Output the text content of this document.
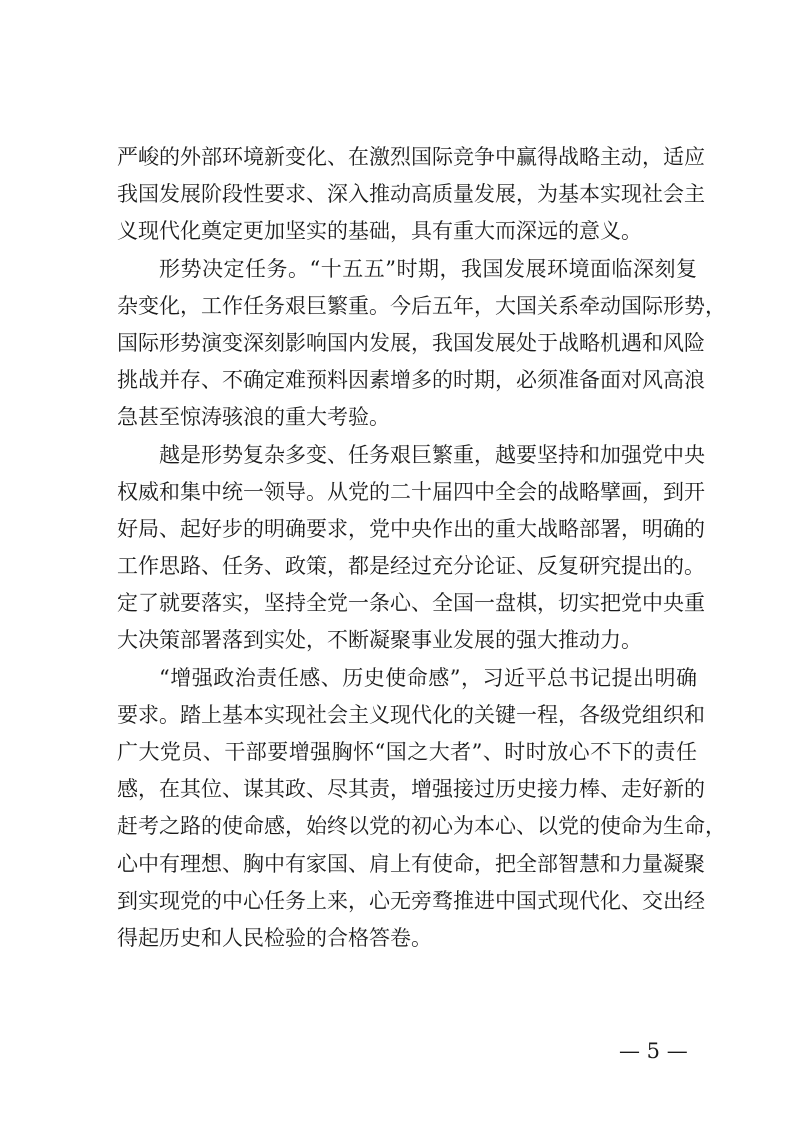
严峻的外部环境新变化、在激烈国际竞争中赢得战略主动，适应
我国发展阶段性要求、深入推动高质量发展，为基本实现社会主
义现代化奠定更加坚实的基础，具有重大而深远的意义。
形势决定任务。“十五五”时期，我国发展环境面临深刻复
杂变化，工作任务艰巨繁重。今后五年，大国关系牵动国际形势，
国际形势演变深刻影响国内发展，我国发展处于战略机遇和风险
挑战并存、不确定难预料因素增多的时期，必须准备面对风高浪
急甚至惊涛骇浪的重大考验。
越是形势复杂多变、任务艰巨繁重，越要坚持和加强党中央
权威和集中统一领导。从党的二十届四中全会的战略擘画，到开
好局、起好步的明确要求，党中央作出的重大战略部署，明确的
工作思路、任务、政策，都是经过充分论证、反复研究提出的。
定了就要落实，坚持全党一条心、全国一盘棋，切实把党中央重
大决策部署落到实处，不断凝聚事业发展的强大推动力。
“增强政治责任感、历史使命感”，习近平总书记提出明确
要求。踏上基本实现社会主义现代化的关键一程，各级党组织和
广大党员、干部要增强胸怀“国之大者”、时时放心不下的责任
感，在其位、谋其政、尽其责，增强接过历史接力棒、走好新的
赶考之路的使命感，始终以党的初心为本心、以党的使命为生命，
心中有理想、胸中有家国、肩上有使命，把全部智慧和力量凝聚
到实现党的中心任务上来，心无旁骛推进中国式现代化、交出经
得起历史和人民检验的合格答卷。
— 5 —
